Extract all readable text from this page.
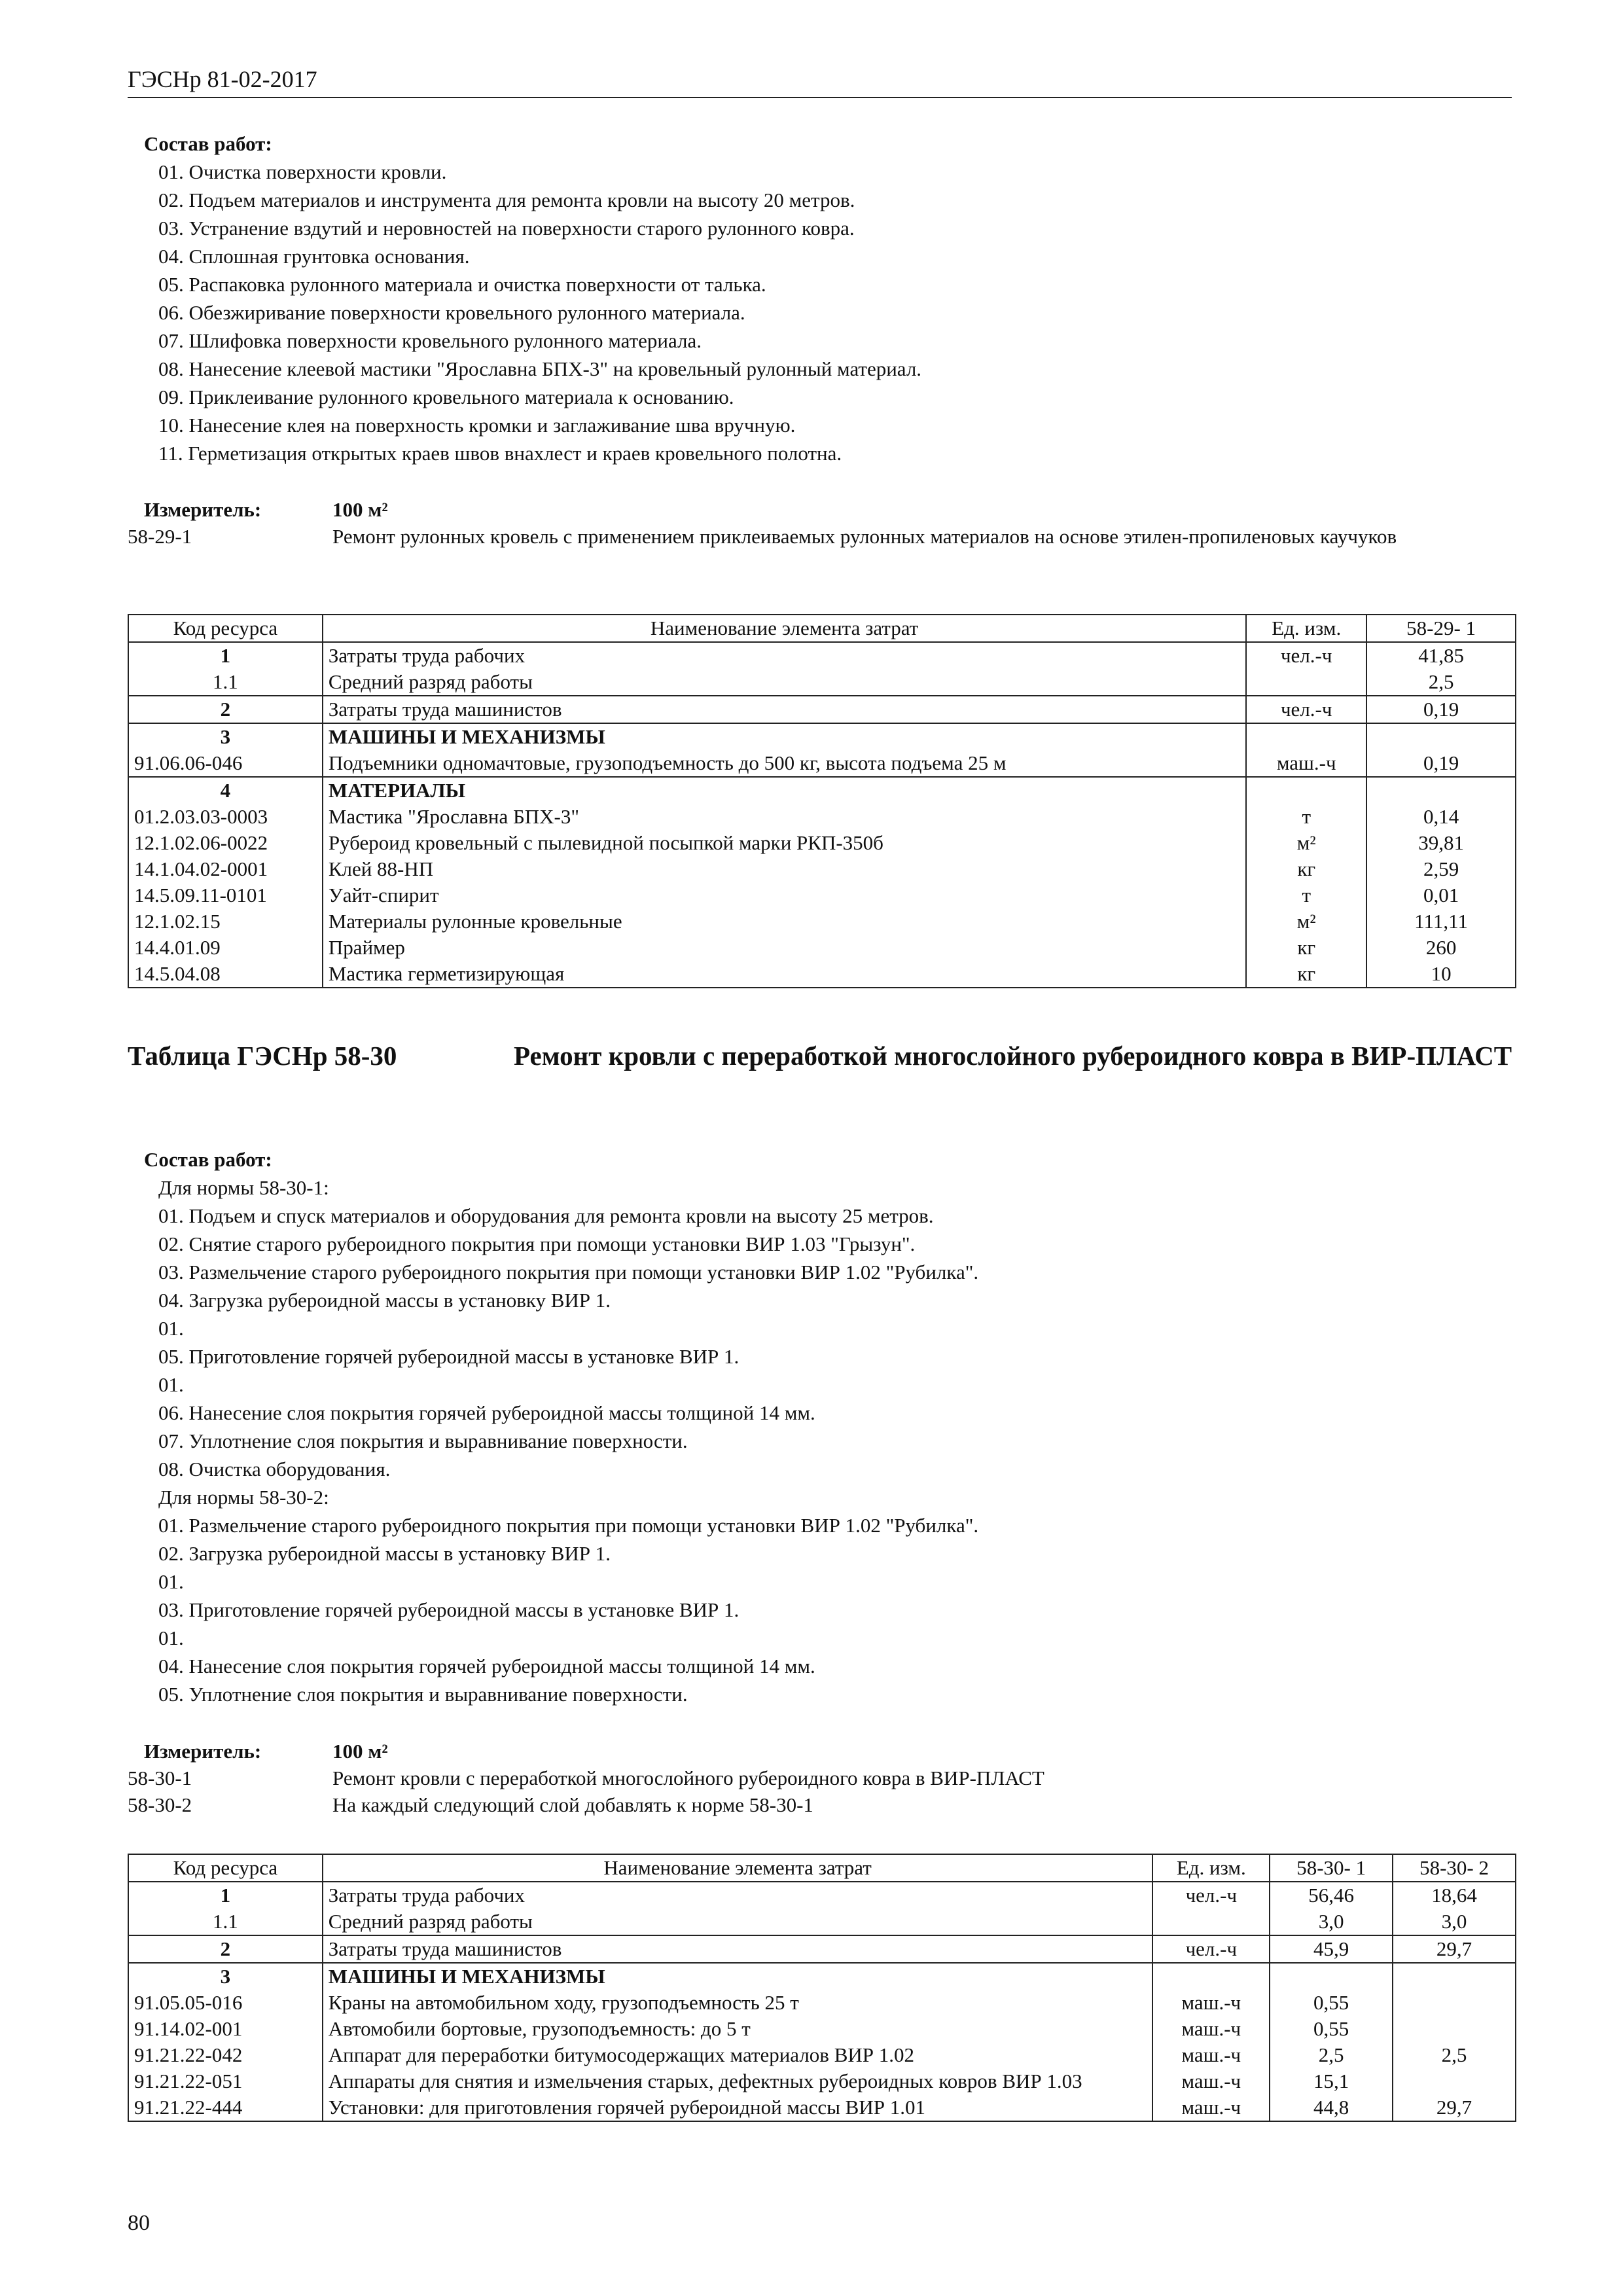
ГЭСНр 81-02-2017
Состав работ:
01. Очистка поверхности кровли.
02. Подъем материалов и инструмента для ремонта кровли на высоту 20 метров.
03. Устранение вздутий и неровностей на поверхности старого рулонного ковра.
04. Сплошная грунтовка основания.
05. Распаковка рулонного материала и очистка поверхности от талька.
06. Обезжиривание поверхности кровельного рулонного материала.
07. Шлифовка поверхности кровельного рулонного материала.
08. Нанесение клеевой мастики "Ярославна БПХ-3" на кровельный рулонный материал.
09. Приклеивание рулонного кровельного материала к основанию.
10. Нанесение клея на поверхность кромки и заглаживание шва вручную.
11. Герметизация открытых краев швов внахлест и краев кровельного полотна.
Измеритель:	100 м²
58-29-1	Ремонт рулонных кровель с применением приклеиваемых рулонных материалов на основе этилен-пропиленовых каучуков
Код ресурса	Наименование элемента затрат	Ед. изм.	58-29- 1
1	Затраты труда рабочих	чел.-ч	41,85
1.1	Средний разряд работы		2,5
2	Затраты труда машинистов	чел.-ч	0,19
3	МАШИНЫ И МЕХАНИЗМЫ		
91.06.06-046	Подъемники одномачтовые, грузоподъемность до 500 кг, высота подъема 25 м	маш.-ч	0,19
4	МАТЕРИАЛЫ		
01.2.03.03-0003	Мастика "Ярославна БПХ-3"	т	0,14
12.1.02.06-0022	Рубероид кровельный с пылевидной посыпкой марки РКП-350б	м²	39,81
14.1.04.02-0001	Клей 88-НП	кг	2,59
14.5.09.11-0101	Уайт-спирит	т	0,01
12.1.02.15	Материалы рулонные кровельные	м²	111,11
14.4.01.09	Праймер	кг	260
14.5.04.08	Мастика герметизирующая	кг	10
Таблица ГЭСНр 58-30	Ремонт кровли с переработкой многослойного рубероидного ковра в ВИР-ПЛАСТ
Состав работ:
Для нормы 58-30-1:
01. Подъем и спуск материалов и оборудования для ремонта кровли на высоту 25 метров.
02. Снятие старого рубероидного покрытия при помощи установки ВИР 1.03 "Грызун".
03. Размельчение старого рубероидного покрытия при помощи установки ВИР 1.02 "Рубилка".
04. Загрузка рубероидной массы в установку ВИР 1.
01.
05. Приготовление горячей рубероидной массы в установке ВИР 1.
01.
06. Нанесение слоя покрытия горячей рубероидной массы толщиной 14 мм.
07. Уплотнение слоя покрытия и выравнивание поверхности.
08. Очистка оборудования.
Для нормы 58-30-2:
01. Размельчение старого рубероидного покрытия при помощи установки ВИР 1.02 "Рубилка".
02. Загрузка рубероидной массы в установку ВИР 1.
01.
03. Приготовление горячей рубероидной массы в установке ВИР 1.
01.
04. Нанесение слоя покрытия горячей рубероидной массы толщиной 14 мм.
05. Уплотнение слоя покрытия и выравнивание поверхности.
Измеритель:	100 м²
58-30-1	Ремонт кровли с переработкой многослойного рубероидного ковра в ВИР-ПЛАСТ
58-30-2	На каждый следующий слой добавлять к норме 58-30-1
Код ресурса	Наименование элемента затрат	Ед. изм.	58-30- 1	58-30- 2
1	Затраты труда рабочих	чел.-ч	56,46	18,64
1.1	Средний разряд работы		3,0	3,0
2	Затраты труда машинистов	чел.-ч	45,9	29,7
3	МАШИНЫ И МЕХАНИЗМЫ			
91.05.05-016	Краны на автомобильном ходу, грузоподъемность 25 т	маш.-ч	0,55	
91.14.02-001	Автомобили бортовые, грузоподъемность: до 5 т	маш.-ч	0,55	
91.21.22-042	Аппарат для переработки битумосодержащих материалов ВИР 1.02	маш.-ч	2,5	2,5
91.21.22-051	Аппараты для снятия и измельчения старых, дефектных рубероидных ковров ВИР 1.03	маш.-ч	15,1	
91.21.22-444	Установки: для приготовления горячей рубероидной массы ВИР 1.01	маш.-ч	44,8	29,7
80
